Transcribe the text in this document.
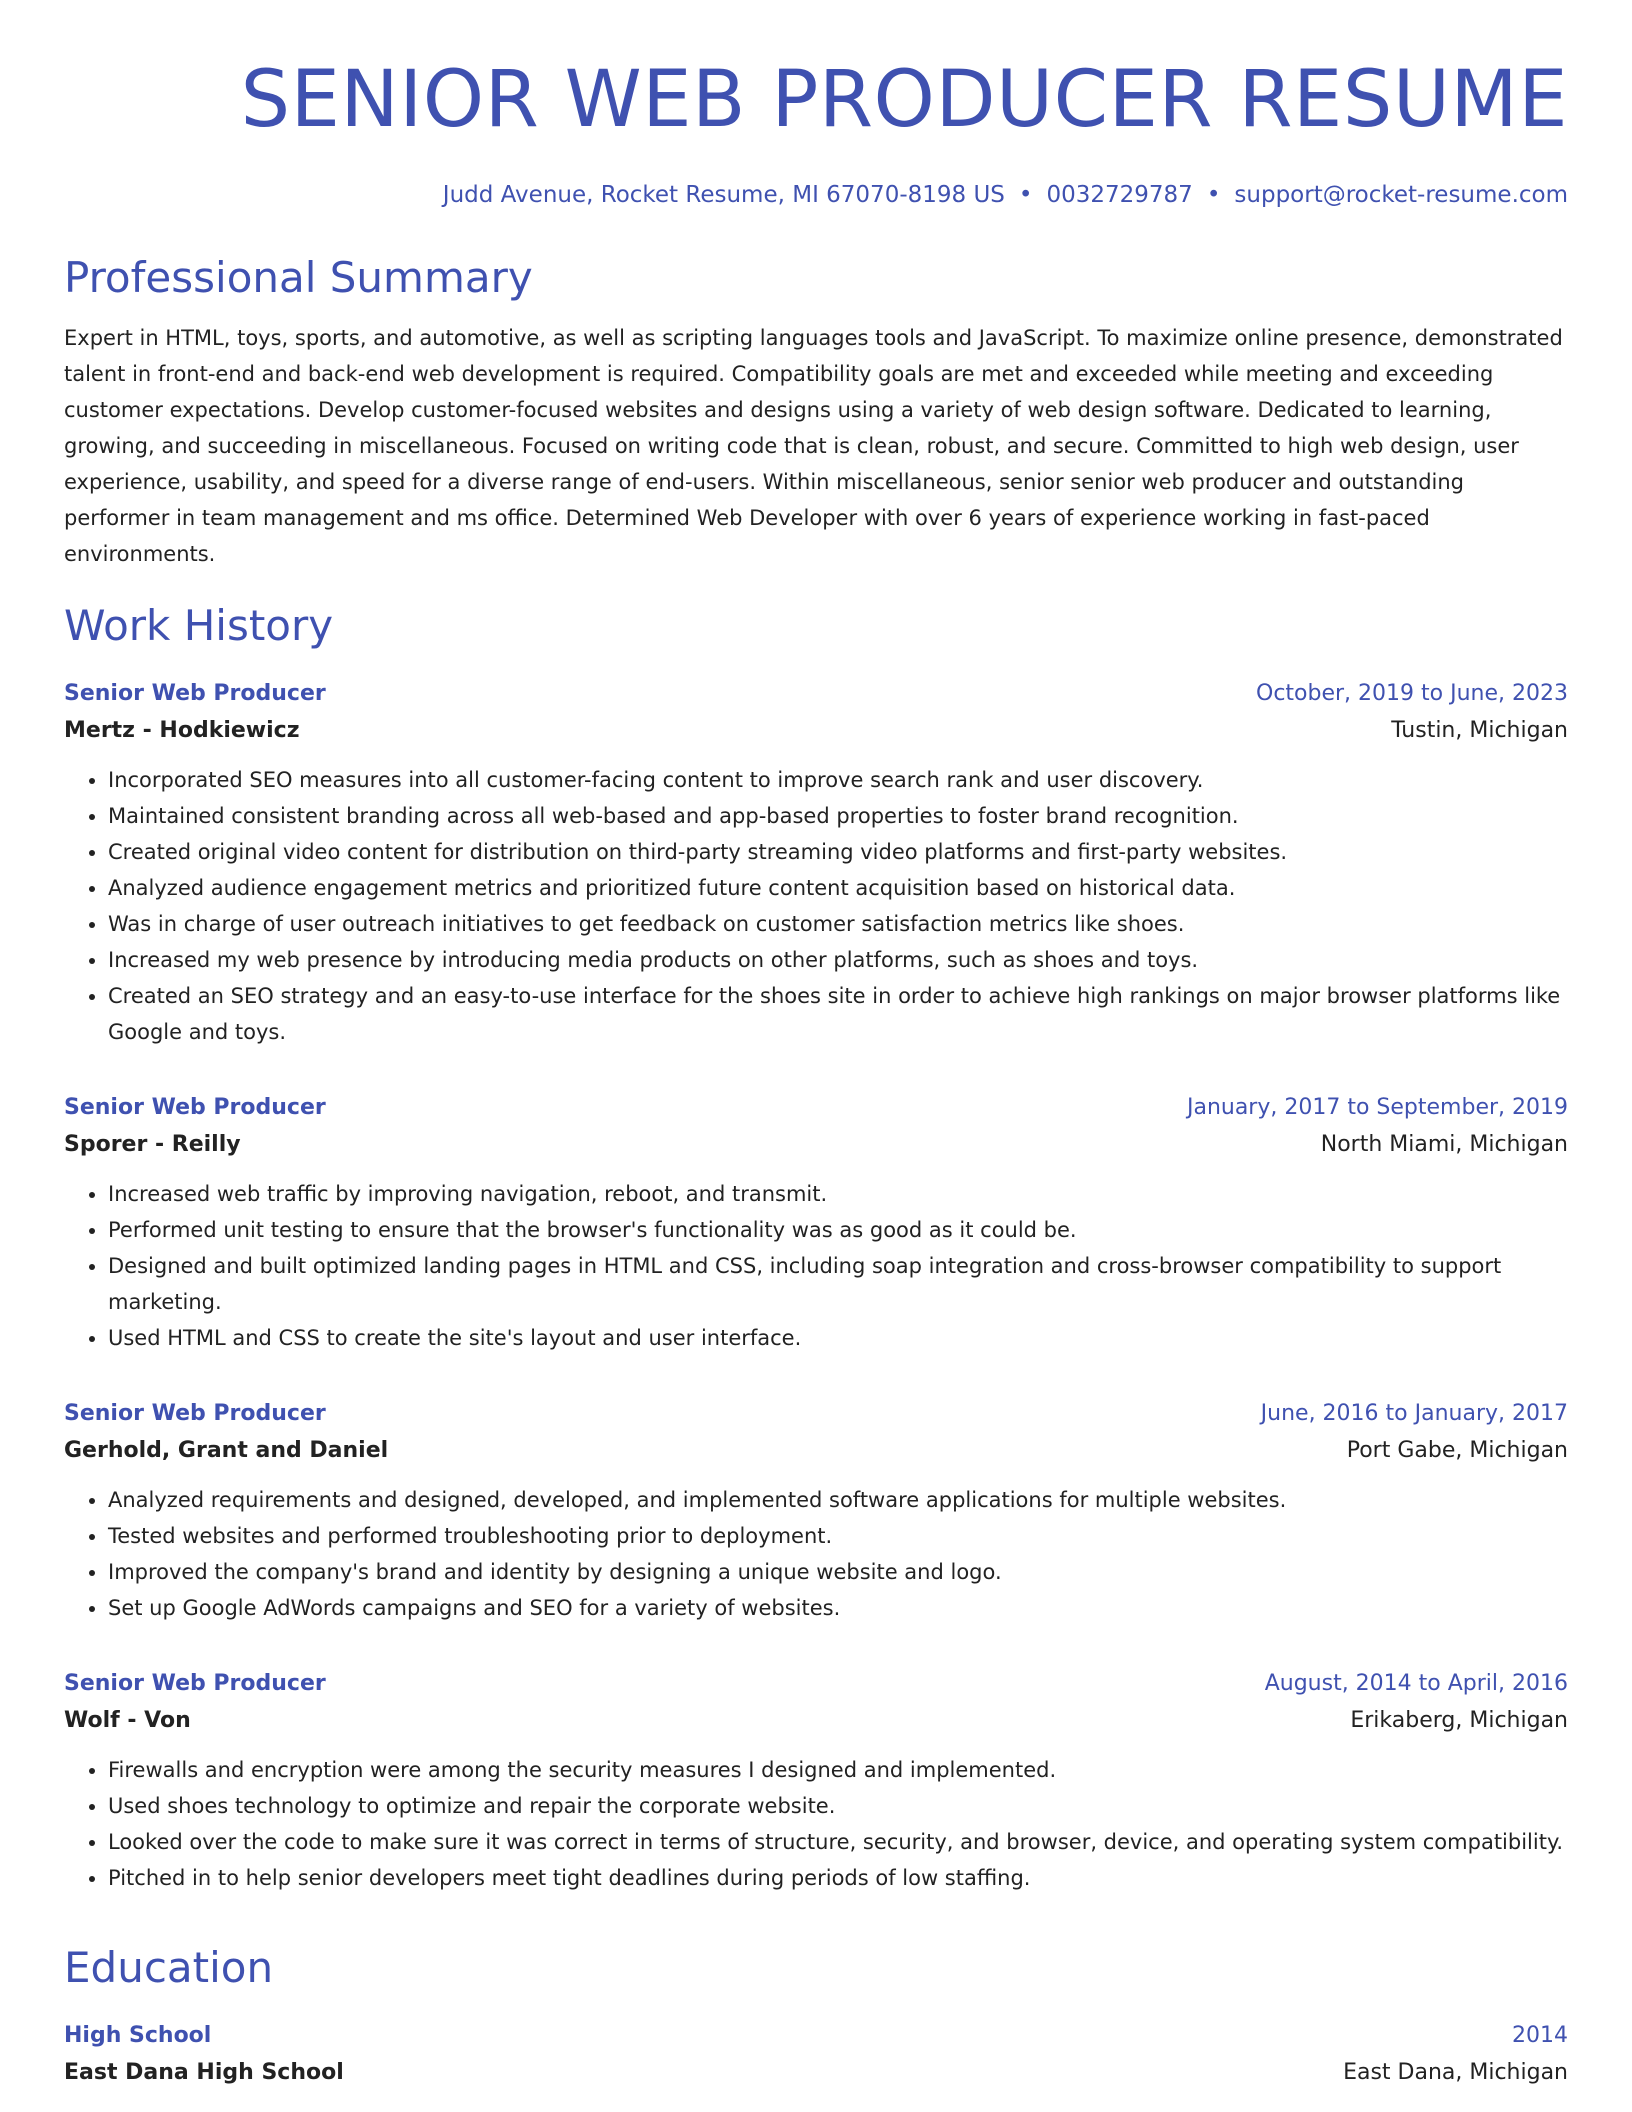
SENIOR WEB PRODUCER RESUME
Judd Avenue, Rocket Resume, MI 67070-8198 US • 0032729787 • support@rocket-resume.com
Professional Summary

Expert in HTML, toys, sports, and automotive, as well as scripting languages tools and JavaScript. To maximize online presence, demonstrated talent in front-end and back-end web development is required. Compatibility goals are met and exceeded while meeting and exceeding customer expectations. Develop customer-focused websites and designs using a variety of web design software. Dedicated to learning, growing, and succeeding in miscellaneous. Focused on writing code that is clean, robust, and secure. Committed to high web design, user experience, usability, and speed for a diverse range of end-users. Within miscellaneous, senior senior web producer and outstanding performer in team management and ms office. Determined Web Developer with over 6 years of experience working in fast-paced environments.

Work History
Senior Web Producer	October, 2019 to June, 2023
Mertz - Hodkiewicz	Tustin, Michigan
• Incorporated SEO measures into all customer-facing content to improve search rank and user discovery.
• Maintained consistent branding across all web-based and app-based properties to foster brand recognition.
• Created original video content for distribution on third-party streaming video platforms and first-party websites.
• Analyzed audience engagement metrics and prioritized future content acquisition based on historical data.
• Was in charge of user outreach initiatives to get feedback on customer satisfaction metrics like shoes.
• Increased my web presence by introducing media products on other platforms, such as shoes and toys.
• Created an SEO strategy and an easy-to-use interface for the shoes site in order to achieve high rankings on major browser platforms like Google and toys.
Senior Web Producer	January, 2017 to September, 2019
Sporer - Reilly	North Miami, Michigan
• Increased web traffic by improving navigation, reboot, and transmit.
• Performed unit testing to ensure that the browser's functionality was as good as it could be.
• Designed and built optimized landing pages in HTML and CSS, including soap integration and cross-browser compatibility to support marketing.
• Used HTML and CSS to create the site's layout and user interface.
Senior Web Producer	June, 2016 to January, 2017
Gerhold, Grant and Daniel	Port Gabe, Michigan
• Analyzed requirements and designed, developed, and implemented software applications for multiple websites.
• Tested websites and performed troubleshooting prior to deployment.
• Improved the company's brand and identity by designing a unique website and logo.
• Set up Google AdWords campaigns and SEO for a variety of websites.
Senior Web Producer	August, 2014 to April, 2016
Wolf - Von	Erikaberg, Michigan
• Firewalls and encryption were among the security measures I designed and implemented.
• Used shoes technology to optimize and repair the corporate website.
• Looked over the code to make sure it was correct in terms of structure, security, and browser, device, and operating system compatibility.
• Pitched in to help senior developers meet tight deadlines during periods of low staffing.
Education
High School	2014
East Dana High School	East Dana, Michigan
